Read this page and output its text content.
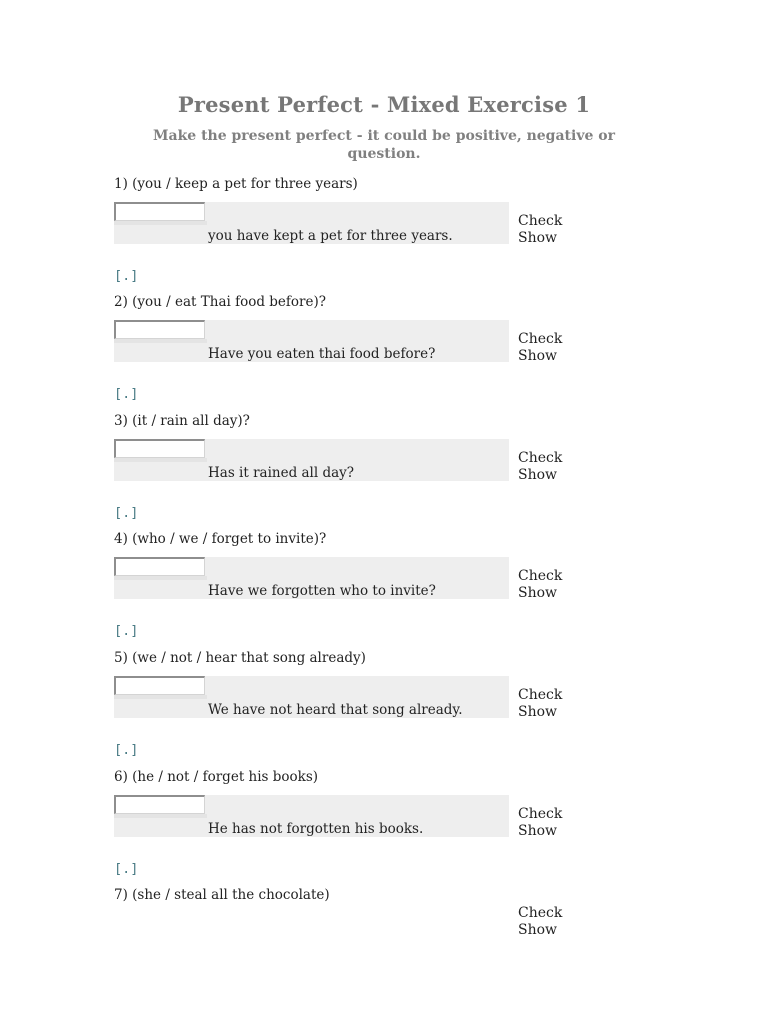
Present Perfect - Mixed Exercise 1

Make the present perfect - it could be positive, negative or question.

1) (you / keep a pet for three years)
you have kept a pet for three years.
Check
Show
[.]
2) (you / eat Thai food before)?
Have you eaten thai food before?
Check
Show
[.]
3) (it / rain all day)?
Has it rained all day?
Check
Show
[.]
4) (who / we / forget to invite)?
Have we forgotten who to invite?
Check
Show
[.]
5) (we / not / hear that song already)
We have not heard that song already.
Check
Show
[.]
6) (he / not / forget his books)
He has not forgotten his books.
Check
Show
[.]
7) (she / steal all the chocolate)
Check
Show
